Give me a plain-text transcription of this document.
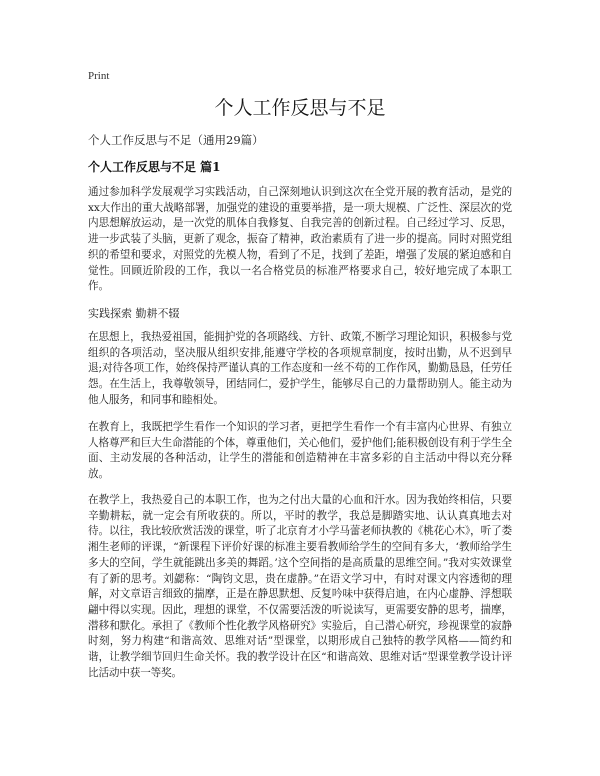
Print
个人工作反思与不足

个人工作反思与不足（通用29篇）

个人工作反思与不足 篇1

通过参加科学发展观学习实践活动，自己深刻地认识到这次在全党开展的教育活动，是党的xx大作出的重大战略部署，加强党的建设的重要举措，是一项大规模、广泛性、深层次的党内思想解放运动，是一次党的肌体自我修复、自我完善的创新过程。自己经过学习、反思，进一步武装了头脑，更新了观念，振奋了精神，政治素质有了进一步的提高。同时对照党组织的希望和要求，对照党的先模人物，看到了不足，找到了差距，增强了发展的紧迫感和自觉性。回顾近阶段的工作，我以一名合格党员的标准严格要求自己，较好地完成了本职工作。

实践探索 勤耕不辍

在思想上，我热爱祖国，能拥护党的各项路线、方针、政策,不断学习理论知识，积极参与党组织的各项活动，坚决服从组织安排,能遵守学校的各项规章制度，按时出勤，从不迟到早退;对待各项工作，始终保持严谨认真的工作态度和一丝不苟的工作作风，勤勤恳恳，任劳任怨。在生活上，我尊敬领导，团结同仁，爱护学生，能够尽自己的力量帮助别人。能主动为他人服务，和同事和睦相处。

在教育上，我既把学生看作一个知识的学习者，更把学生看作一个有丰富内心世界、有独立人格尊严和巨大生命潜能的个体，尊重他们，关心他们，爱护他们;能积极创设有利于学生全面、主动发展的各种活动，让学生的潜能和创造精神在丰富多彩的自主活动中得以充分释放。

在教学上，我热爱自己的本职工作，也为之付出大量的心血和汗水。因为我始终相信，只要辛勤耕耘，就一定会有所收获的。所以，平时的教学，我总是脚踏实地、认认真真地去对待。以往，我比较欣赏活泼的课堂，听了北京育才小学马蕾老师执教的《桃花心木》，听了娄湘生老师的评课，“新课程下评价好课的标准主要看教师给学生的空间有多大，‘教师给学生多大的空间，学生就能跳出多美的舞蹈。’这个空间指的是高质量的思维空间。”我对实效课堂有了新的思考。刘勰称：“陶钧文思，贵在虚静。”在语文学习中，有时对课文内容透彻的理解，对文章语言细致的揣摩，正是在静思默想、反复吟味中获得启迪，在内心虚静、浮想联翩中得以实现。因此，理想的课堂，不仅需要活泼的听说读写，更需要安静的思考，揣摩，潜移和默化。承担了《教师个性化教学风格研究》实验后，自己潜心研究，珍视课堂的寂静时刻，努力构建“和谐高效、思维对话”型课堂，以期形成自己独特的教学风格——简约和谐，让教学细节回归生命关怀。我的教学设计在区“和谐高效、思维对话”型课堂教学设计评比活动中获一等奖。
